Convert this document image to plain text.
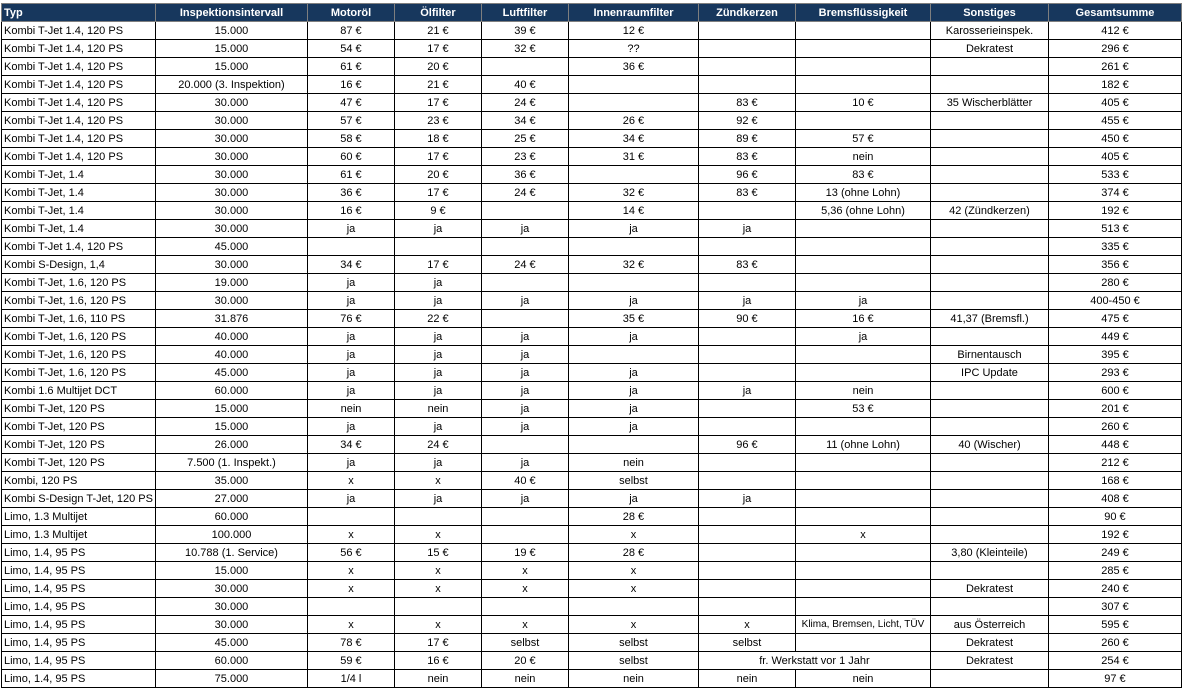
Typ	Inspektionsintervall	Motoröl	Ölfilter	Luftfilter	Innenraumfilter	Zündkerzen	Bremsflüssigkeit	Sonstiges	Gesamtsumme
Kombi T-Jet 1.4, 120 PS	15.000	87 €	21 €	39 €	12 €			Karosserieinspek.	412 €
Kombi T-Jet 1.4, 120 PS	15.000	54 €	17 €	32 €	??			Dekratest	296 €
Kombi T-Jet 1.4, 120 PS	15.000	61 €	20 €		36 €				261 €
Kombi T-Jet 1.4, 120 PS	20.000 (3. Inspektion)	16 €	21 €	40 €					182 €
Kombi T-Jet 1.4, 120 PS	30.000	47 €	17 €	24 €		83 €	10 €	35 Wischerblätter	405 €
Kombi T-Jet 1.4, 120 PS	30.000	57 €	23 €	34 €	26 €	92 €			455 €
Kombi T-Jet 1.4, 120 PS	30.000	58 €	18 €	25 €	34 €	89 €	57 €		450 €
Kombi T-Jet 1.4, 120 PS	30.000	60 €	17 €	23 €	31 €	83 €	nein		405 €
Kombi T-Jet, 1.4	30.000	61 €	20 €	36 €		96 €	83 €		533 €
Kombi T-Jet, 1.4	30.000	36 €	17 €	24 €	32 €	83 €	13 (ohne Lohn)		374 €
Kombi T-Jet, 1.4	30.000	16 €	9 €		14 €		5,36 (ohne Lohn)	42 (Zündkerzen)	192 €
Kombi T-Jet, 1.4	30.000	ja	ja	ja	ja	ja			513 €
Kombi T-Jet 1.4, 120 PS	45.000								335 €
Kombi S-Design, 1,4	30.000	34 €	17 €	24 €	32 €	83 €			356 €
Kombi T-Jet, 1.6, 120 PS	19.000	ja	ja						280 €
Kombi T-Jet, 1.6, 120 PS	30.000	ja	ja	ja	ja	ja	ja		400-450 €
Kombi T-Jet, 1.6, 110 PS	31.876	76 €	22 €		35 €	90 €	16 €	41,37 (Bremsfl.)	475 €
Kombi T-Jet, 1.6, 120 PS	40.000	ja	ja	ja	ja		ja		449 €
Kombi T-Jet, 1.6, 120 PS	40.000	ja	ja	ja				Birnentausch	395 €
Kombi T-Jet, 1.6, 120 PS	45.000	ja	ja	ja	ja			IPC Update	293 €
Kombi 1.6 Multijet DCT	60.000	ja	ja	ja	ja	ja	nein		600 €
Kombi T-Jet, 120 PS	15.000	nein	nein	ja	ja		53 €		201 €
Kombi T-Jet, 120 PS	15.000	ja	ja	ja	ja				260 €
Kombi T-Jet, 120 PS	26.000	34 €	24 €			96 €	11 (ohne Lohn)	40 (Wischer)	448 €
Kombi T-Jet, 120 PS	7.500 (1. Inspekt.)	ja	ja	ja	nein				212 €
Kombi, 120 PS	35.000	x	x	40 €	selbst				168 €
Kombi S-Design T-Jet, 120 PS	27.000	ja	ja	ja	ja	ja			408 €
Limo, 1.3 Multijet	60.000				28 €				90 €
Limo, 1.3 Multijet	100.000	x	x		x		x		192 €
Limo, 1.4, 95 PS	10.788 (1. Service)	56 €	15 €	19 €	28 €			3,80 (Kleinteile)	249 €
Limo, 1.4, 95 PS	15.000	x	x	x	x				285 €
Limo, 1.4, 95 PS	30.000	x	x	x	x			Dekratest	240 €
Limo, 1.4, 95 PS	30.000								307 €
Limo, 1.4, 95 PS	30.000	x	x	x	x	x	Klima, Bremsen, Licht, TÜV	aus Österreich	595 €
Limo, 1.4, 95 PS	45.000	78 €	17 €	selbst	selbst	selbst		Dekratest	260 €
Limo, 1.4, 95 PS	60.000	59 €	16 €	20 €	selbst	fr. Werkstatt vor 1 Jahr		Dekratest	254 €
Limo, 1.4, 95 PS	75.000	1/4 l	nein	nein	nein	nein	nein		97 €
